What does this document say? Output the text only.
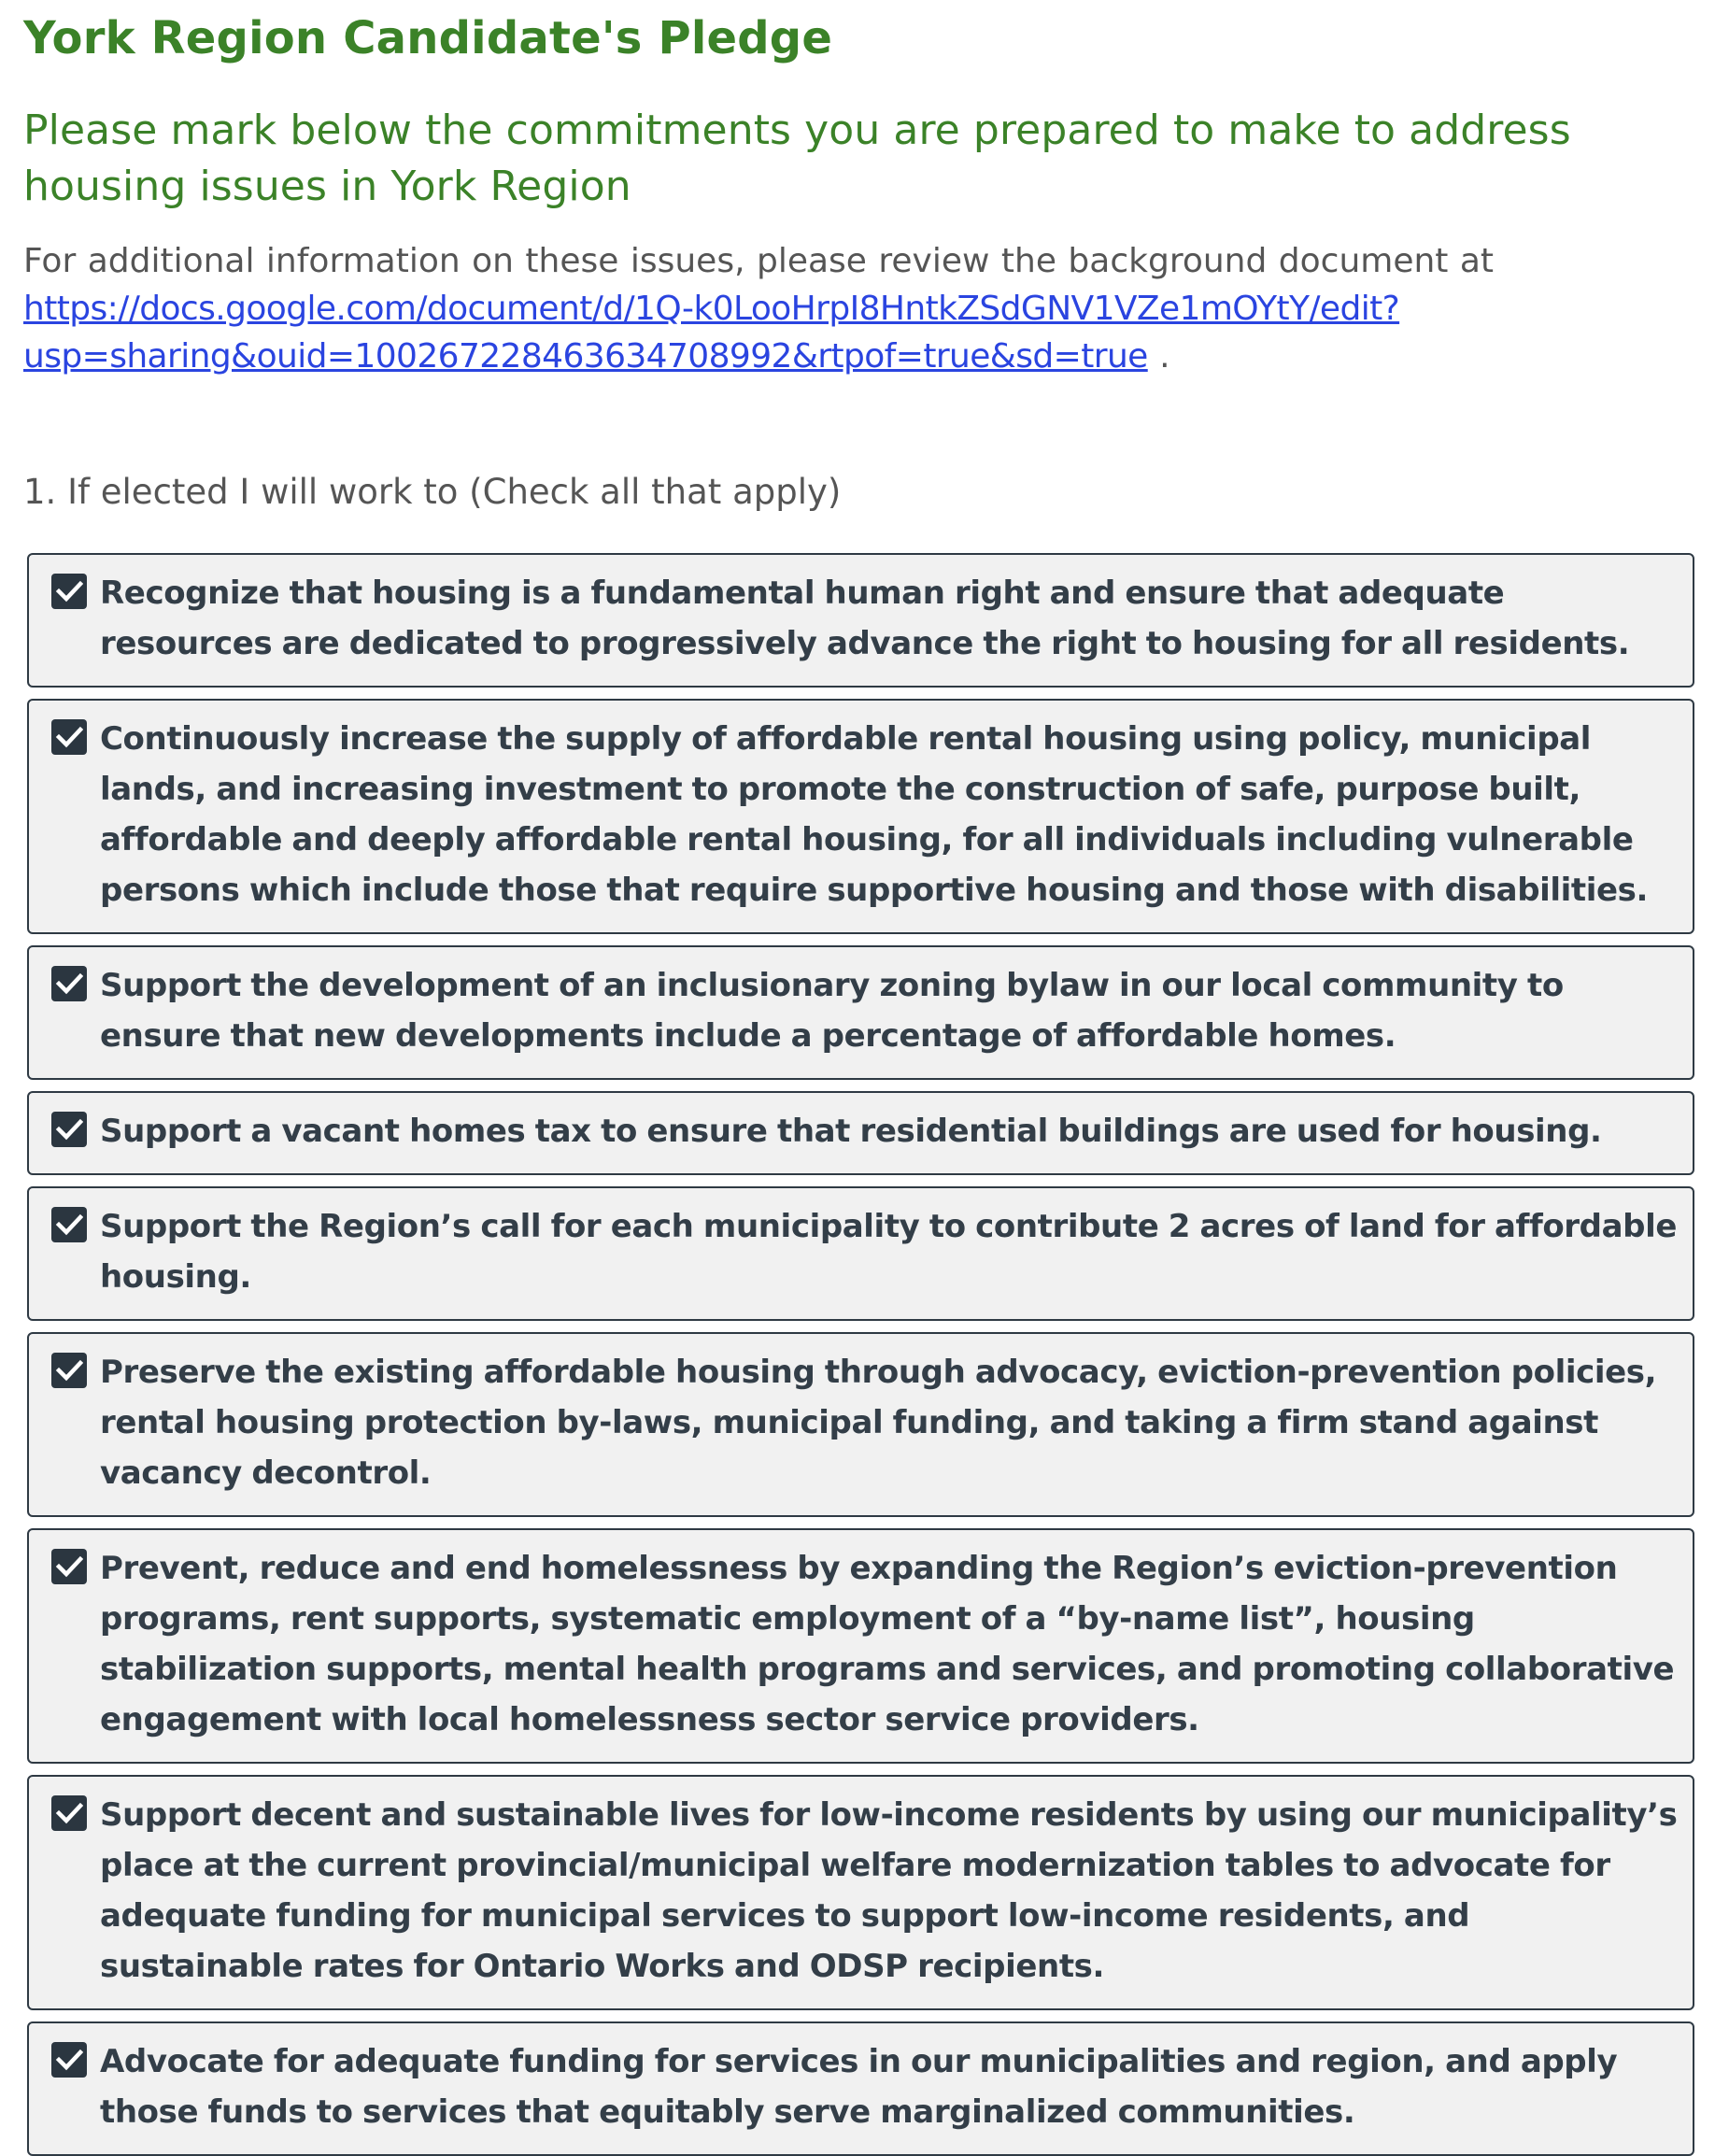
York Region Candidate's Pledge
Please mark below the commitments you are prepared to make to address housing issues in York Region

For additional information on these issues, please review the background document at
https://docs.google.com/document/d/1Q-k0LooHrpI8HntkZSdGNV1VZe1mOYtY/edit?
usp=sharing&ouid=100267228463634708992&rtpof=true&sd=true .

1. If elected I will work to (Check all that apply)
Recognize that housing is a fundamental human right and ensure that adequate resources are dedicated to progressively advance the right to housing for all residents.
Continuously increase the supply of affordable rental housing using policy, municipal lands, and increasing investment to promote the construction of safe, purpose built, affordable and deeply affordable rental housing, for all individuals including vulnerable persons which include those that require supportive housing and those with disabilities.
Support the development of an inclusionary zoning bylaw in our local community to ensure that new developments include a percentage of affordable homes.
Support a vacant homes tax to ensure that residential buildings are used for housing.
Support the Region’s call for each municipality to contribute 2 acres of land for affordable housing.
Preserve the existing affordable housing through advocacy, eviction-prevention policies, rental housing protection by-laws, municipal funding, and taking a firm stand against vacancy decontrol.
Prevent, reduce and end homelessness by expanding the Region’s eviction-prevention programs, rent supports, systematic employment of a “by-name list”, housing stabilization supports, mental health programs and services, and promoting collaborative engagement with local homelessness sector service providers.
Support decent and sustainable lives for low-income residents by using our municipality’s place at the current provincial/municipal welfare modernization tables to advocate for adequate funding for municipal services to support low-income residents, and sustainable rates for Ontario Works and ODSP recipients.
Advocate for adequate funding for services in our municipalities and region, and apply those funds to services that equitably serve marginalized communities.
